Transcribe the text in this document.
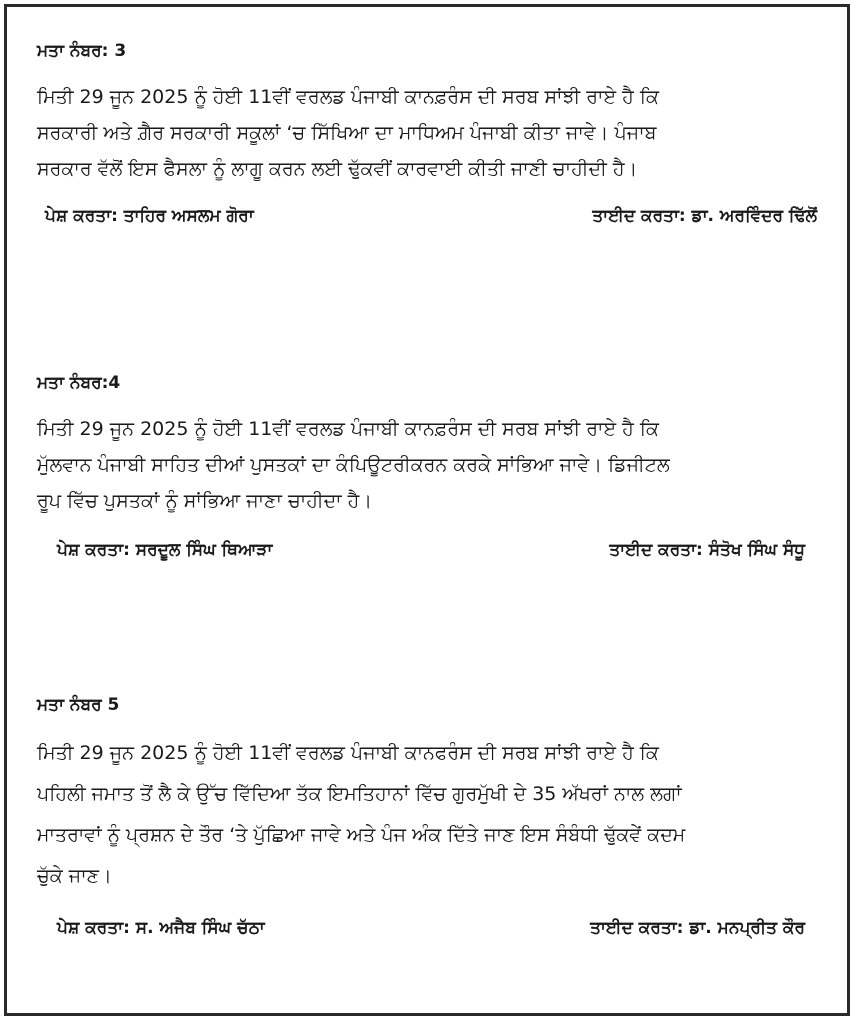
ਮਤਾ ਨੰਬਰ: 3
ਮਿਤੀ 29 ਜੂਨ 2025 ਨੂੰ ਹੋਈ 11ਵੀਂ ਵਰਲਡ ਪੰਜਾਬੀ ਕਾਨਫ਼ਰੰਸ ਦੀ ਸਰਬ ਸਾਂਝੀ ਰਾਏ ਹੈ ਕਿ
ਸਰਕਾਰੀ ਅਤੇ ਗ਼ੈਰ ਸਰਕਾਰੀ ਸਕੂਲਾਂ ‘ਚ ਸਿੱਖਿਆ ਦਾ ਮਾਧਿਅਮ ਪੰਜਾਬੀ ਕੀਤਾ ਜਾਵੇ। ਪੰਜਾਬ
ਸਰਕਾਰ ਵੱਲੋਂ ਇਸ ਫੈਸਲਾ ਨੂੰ ਲਾਗੂ ਕਰਨ ਲਈ ਢੁੱਕਵੀਂ ਕਾਰਵਾਈ ਕੀਤੀ ਜਾਣੀ ਚਾਹੀਦੀ ਹੈ।
ਪੇਸ਼ ਕਰਤਾ: ਤਾਹਿਰ ਅਸਲਮ ਗੋਰਾ	ਤਾਈਦ ਕਰਤਾ: ਡਾ. ਅਰਵਿੰਦਰ ਢਿੱਲੋਂ
ਮਤਾ ਨੰਬਰ:4
ਮਿਤੀ 29 ਜੂਨ 2025 ਨੂੰ ਹੋਈ 11ਵੀਂ ਵਰਲਡ ਪੰਜਾਬੀ ਕਾਨਫ਼ਰੰਸ ਦੀ ਸਰਬ ਸਾਂਝੀ ਰਾਏ ਹੈ ਕਿ
ਮੁੱਲਵਾਨ ਪੰਜਾਬੀ ਸਾਹਿਤ ਦੀਆਂ ਪੁਸਤਕਾਂ ਦਾ ਕੰਪਿਊਟਰੀਕਰਨ ਕਰਕੇ ਸਾਂਭਿਆ ਜਾਵੇ। ਡਿਜੀਟਲ
ਰੂਪ ਵਿੱਚ ਪੁਸਤਕਾਂ ਨੂੰ ਸਾਂਭਿਆ ਜਾਣਾ ਚਾਹੀਦਾ ਹੈ।
ਪੇਸ਼ ਕਰਤਾ: ਸਰਦੂਲ ਸਿੰਘ ਥਿਆੜਾ	ਤਾਈਦ ਕਰਤਾ: ਸੰਤੋਖ ਸਿੰਘ ਸੰਧੂ
ਮਤਾ ਨੰਬਰ 5
ਮਿਤੀ 29 ਜੂਨ 2025 ਨੂੰ ਹੋਈ 11ਵੀਂ ਵਰਲਡ ਪੰਜਾਬੀ ਕਾਨਫਰੰਸ ਦੀ ਸਰਬ ਸਾਂਝੀ ਰਾਏ ਹੈ ਕਿ
ਪਹਿਲੀ ਜਮਾਤ ਤੋਂ ਲੈ ਕੇ ਉੱਚ ਵਿੱਦਿਆ ਤੱਕ ਇਮਤਿਹਾਨਾਂ ਵਿੱਚ ਗੁਰਮੁੱਖੀ ਦੇ 35 ਅੱਖਰਾਂ ਨਾਲ ਲਗਾਂ
ਮਾਤਰਾਵਾਂ ਨੂੰ ਪ੍ਰਸ਼ਨ ਦੇ ਤੌਰ ‘ਤੇ ਪੁੱਛਿਆ ਜਾਵੇ ਅਤੇ ਪੰਜ ਅੰਕ ਦਿੱਤੇ ਜਾਣ ਇਸ ਸੰਬੰਧੀ ਢੁੱਕਵੇਂ ਕਦਮ
ਚੁੱਕੇ ਜਾਣ।
ਪੇਸ਼ ਕਰਤਾ: ਸ. ਅਜੈਬ ਸਿੰਘ ਚੱਠਾ	ਤਾਈਦ ਕਰਤਾ: ਡਾ. ਮਨਪ੍ਰੀਤ ਕੌਰ
